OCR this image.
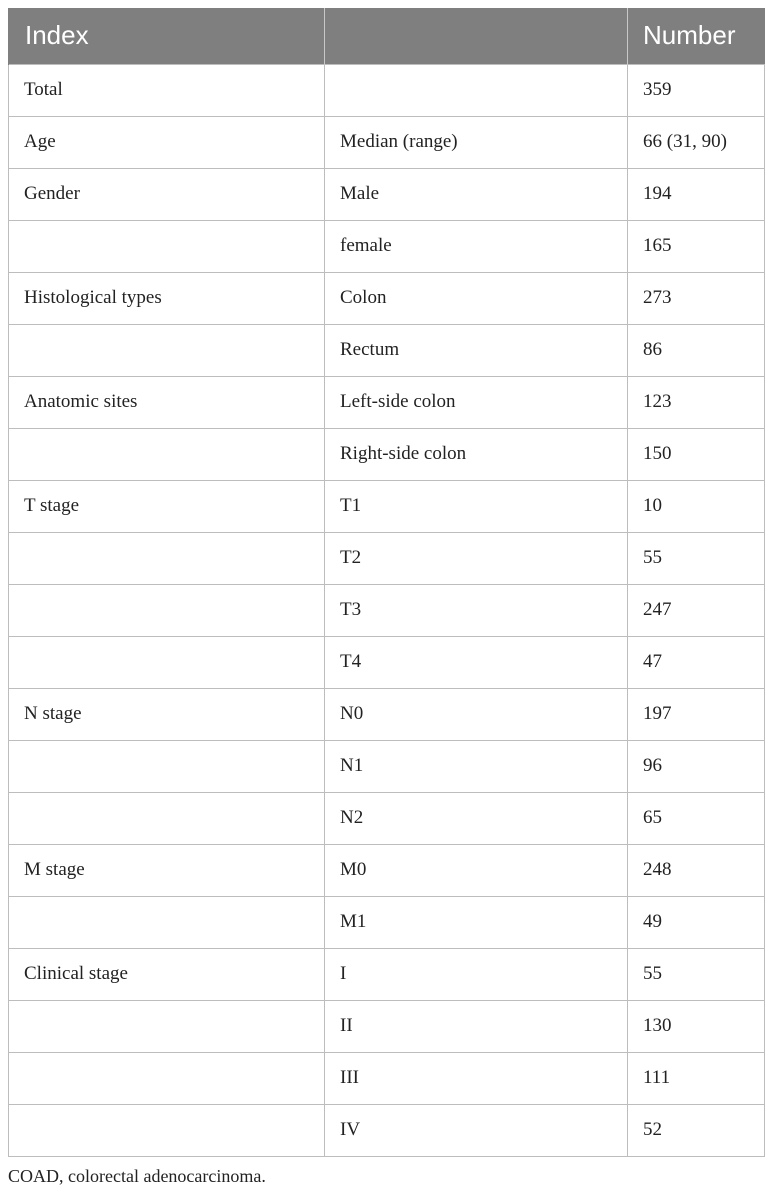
Index		Number
Total		359
Age	Median (range)	66 (31, 90)
Gender	Male	194
	female	165
Histological types	Colon	273
	Rectum	86
Anatomic sites	Left-side colon	123
	Right-side colon	150
T stage	T1	10
	T2	55
	T3	247
	T4	47
N stage	N0	197
	N1	96
	N2	65
M stage	M0	248
	M1	49
Clinical stage	I	55
	II	130
	III	111
	IV	52
COAD, colorectal adenocarcinoma.
